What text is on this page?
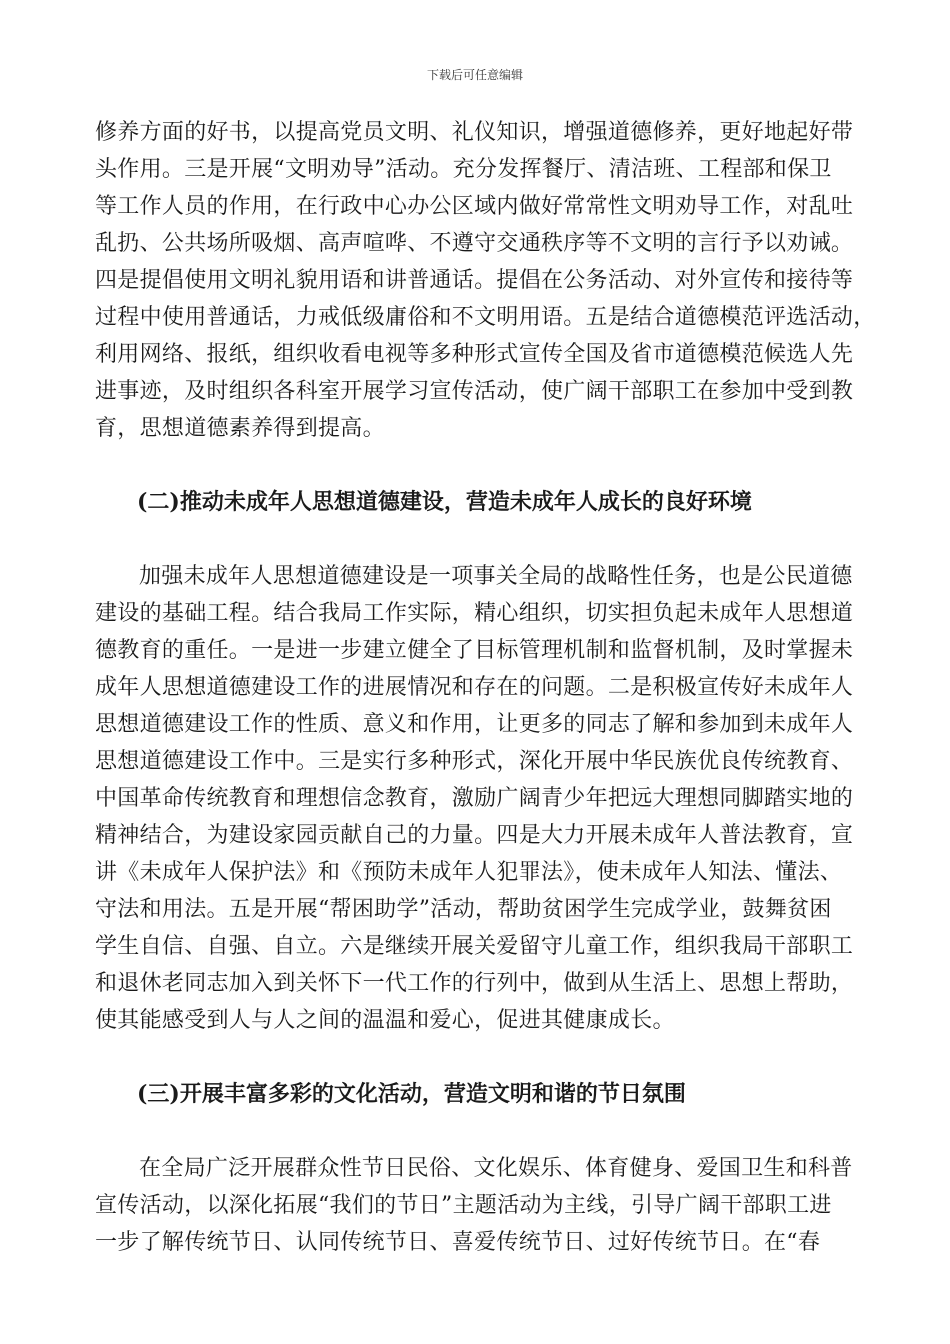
下载后可任意编辑
修养方面的好书，以提高党员文明、礼仪知识，增强道德修养，更好地起好带
头作用。三是开展“文明劝导”活动。充分发挥餐厅、清洁班、工程部和保卫
等工作人员的作用，在行政中心办公区域内做好常常性文明劝导工作，对乱吐
乱扔、公共场所吸烟、高声喧哗、不遵守交通秩序等不文明的言行予以劝诫。
四是提倡使用文明礼貌用语和讲普通话。提倡在公务活动、对外宣传和接待等
过程中使用普通话，力戒低级庸俗和不文明用语。五是结合道德模范评选活动，
利用网络、报纸，组织收看电视等多种形式宣传全国及省市道德模范候选人先
进事迹，及时组织各科室开展学习宣传活动，使广阔干部职工在参加中受到教
育，思想道德素养得到提高。
(二)推动未成年人思想道德建设，营造未成年人成长的良好环境
加强未成年人思想道德建设是一项事关全局的战略性任务，也是公民道德
建设的基础工程。结合我局工作实际，精心组织，切实担负起未成年人思想道
德教育的重任。一是进一步建立健全了目标管理机制和监督机制，及时掌握未
成年人思想道德建设工作的进展情况和存在的问题。二是积极宣传好未成年人
思想道德建设工作的性质、意义和作用，让更多的同志了解和参加到未成年人
思想道德建设工作中。三是实行多种形式，深化开展中华民族优良传统教育、
中国革命传统教育和理想信念教育，激励广阔青少年把远大理想同脚踏实地的
精神结合，为建设家园贡献自己的力量。四是大力开展未成年人普法教育，宣
讲《未成年人保护法》和《预防未成年人犯罪法》，使未成年人知法、懂法、
守法和用法。五是开展“帮困助学”活动，帮助贫困学生完成学业，鼓舞贫困
学生自信、自强、自立。六是继续开展关爱留守儿童工作，组织我局干部职工
和退休老同志加入到关怀下一代工作的行列中，做到从生活上、思想上帮助，
使其能感受到人与人之间的温温和爱心，促进其健康成长。
(三)开展丰富多彩的文化活动，营造文明和谐的节日氛围
在全局广泛开展群众性节日民俗、文化娱乐、体育健身、爱国卫生和科普
宣传活动，以深化拓展“我们的节日”主题活动为主线，引导广阔干部职工进
一步了解传统节日、认同传统节日、喜爱传统节日、过好传统节日。在“春
